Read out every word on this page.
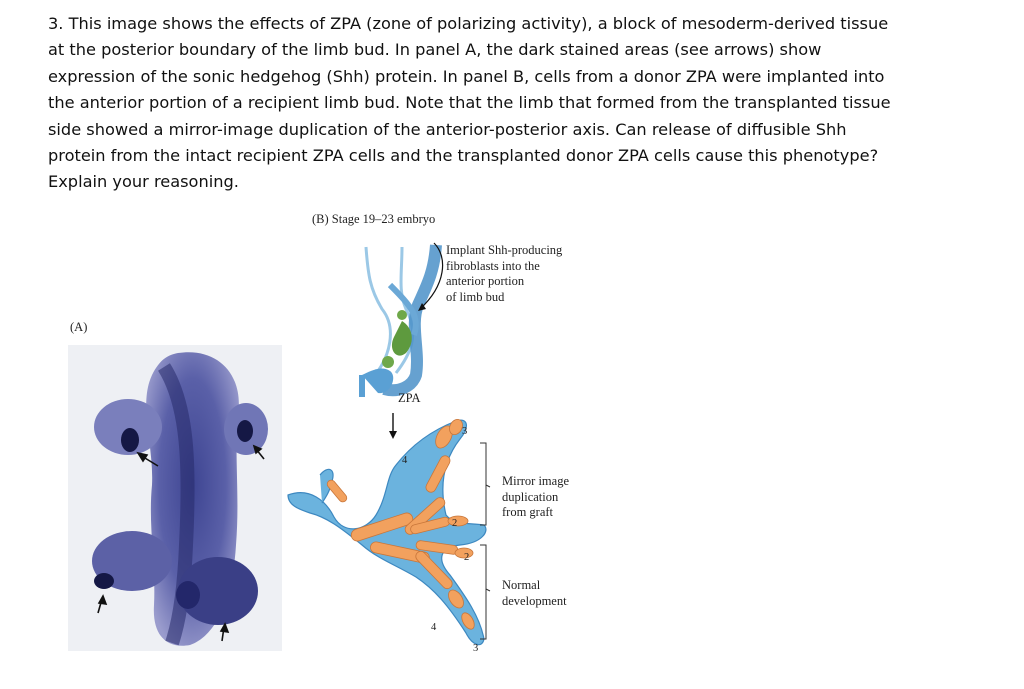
3. This image shows the effects of ZPA (zone of polarizing activity), a block of mesoderm-derived tissue
at the posterior boundary of the limb bud. In panel A, the dark stained areas (see arrows) show
expression of the sonic hedgehog (Shh) protein. In panel B, cells from a donor ZPA were implanted into
the anterior portion of a recipient limb bud. Note that the limb that formed from the transplanted tissue
side showed a mirror-image duplication of the anterior-posterior axis. Can release of diffusible Shh
protein from the intact recipient ZPA cells and the transplanted donor ZPA cells cause this phenotype?
Explain your reasoning.
(A)
(B) Stage 19–23 embryo
Implant Shh-producing
fibroblasts into the
anterior portion
of limb bud
ZPA
Mirror image
duplication
from graft
Normal
development
3
4
2
2
4
3
